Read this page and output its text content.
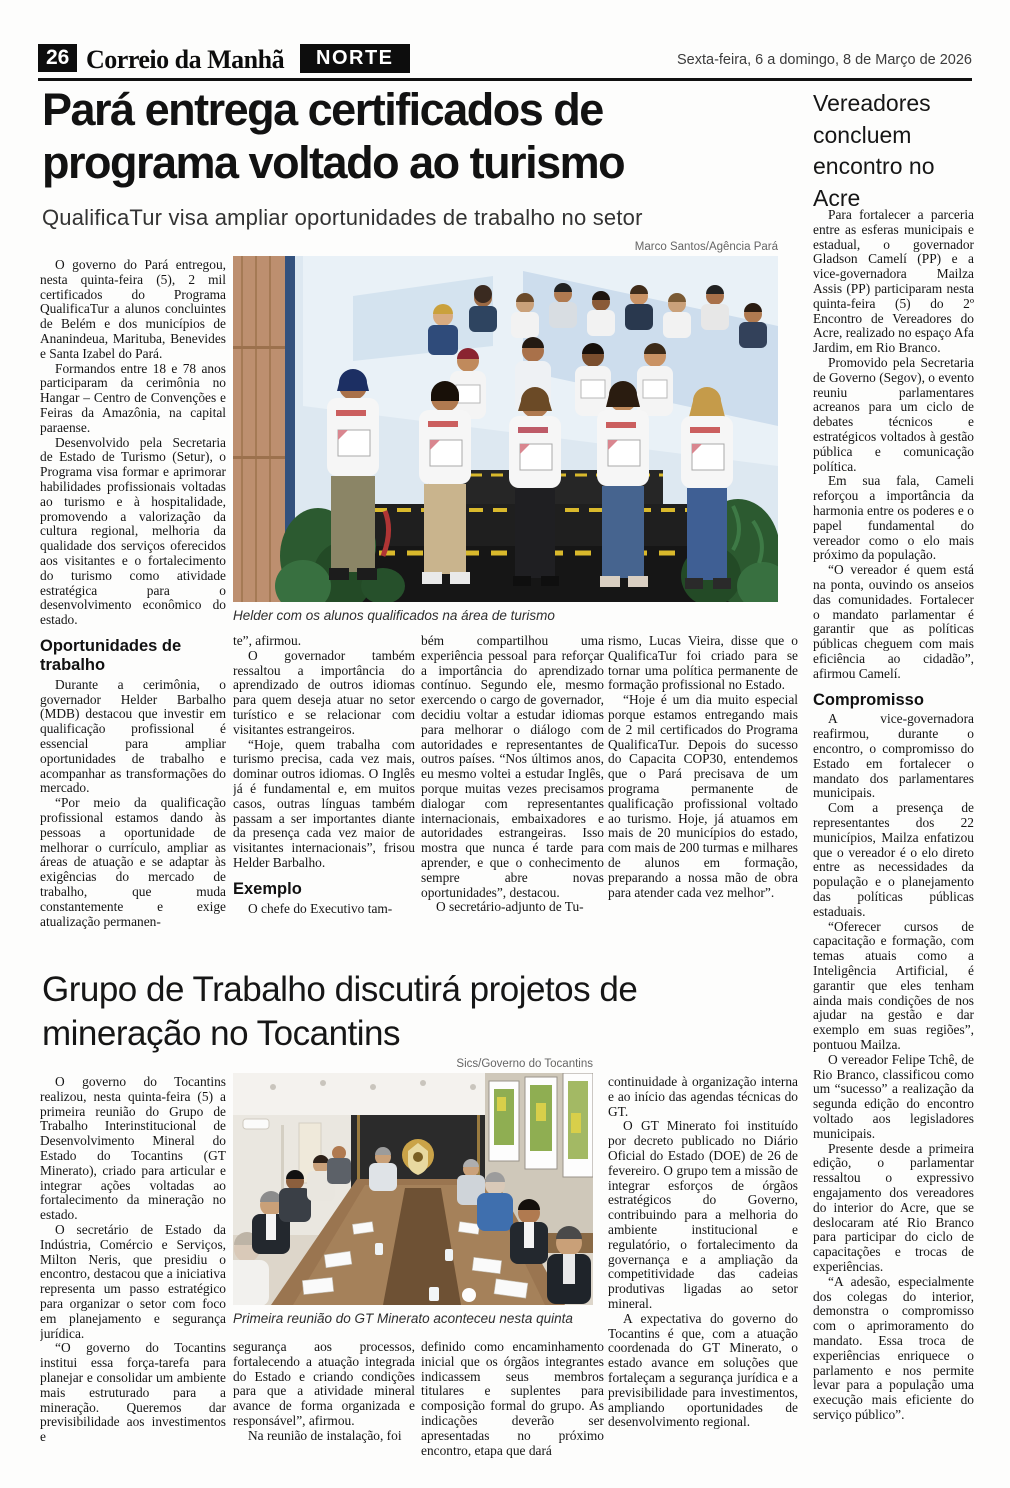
26 Correio da Manhã	NORTE	Sexta-feira, 6 a domingo, 8 de Março de 2026
Pará entrega certificados de programa voltado ao turismo
QualificaTur visa ampliar oportunidades de trabalho no setor
Marco Santos/Agência Pará
Helder com os alunos qualificados na área de turismo

O governo do Pará entregou, nesta quinta-feira (5), 2 mil certificados do Programa QualificaTur a alunos concluintes de Belém e dos municípios de Ananindeua, Marituba, Benevides e Santa Izabel do Pará.

Formandos entre 18 e 78 anos participaram da cerimônia no Hangar – Centro de Convenções e Feiras da Amazônia, na capital paraense.

Desenvolvido pela Secretaria de Estado de Turismo (Setur), o Programa visa formar e aprimorar habilidades profissionais voltadas ao turismo e à hospitalidade, promovendo a valorização da cultura regional, melhoria da qualidade dos serviços oferecidos aos visitantes e o fortalecimento do turismo como atividade estratégica para o desenvolvimento econômico do estado.

Oportunidades de trabalho

Durante a cerimônia, o governador Helder Barbalho (MDB) destacou que investir em qualificação profissional é essencial para ampliar oportunidades de trabalho e acompanhar as transformações do mercado.

“Por meio da qualificação profissional estamos dando às pessoas a oportunidade de melhorar o currículo, ampliar as áreas de atuação e se adaptar às exigências do mercado de trabalho, que muda constantemente e exige atualização permanen-

te”, afirmou.

O governador também ressaltou a importância do aprendizado de outros idiomas para quem deseja atuar no setor turístico e se relacionar com visitantes estrangeiros.

“Hoje, quem trabalha com turismo precisa, cada vez mais, dominar outros idiomas. O Inglês já é fundamental e, em muitos casos, outras línguas também passam a ser importantes diante da presença cada vez maior de visitantes internacionais”, frisou Helder Barbalho.

Exemplo

O chefe do Executivo tam-

bém compartilhou uma experiência pessoal para reforçar a importância do aprendizado contínuo. Segundo ele, mesmo exercendo o cargo de governador, decidiu voltar a estudar idiomas para melhorar o diálogo com autoridades e representantes de outros países. “Nos últimos anos, eu mesmo voltei a estudar Inglês, porque muitas vezes precisamos dialogar com representantes internacionais, embaixadores e autoridades estrangeiras. Isso mostra que nunca é tarde para aprender, e que o conhecimento sempre abre novas oportunidades”, destacou.

O secretário-adjunto de Tu-

rismo, Lucas Vieira, disse que o QualificaTur foi criado para se tornar uma política permanente de formação profissional no Estado.

“Hoje é um dia muito especial porque estamos entregando mais de 2 mil certificados do Programa QualificaTur. Depois do sucesso do Capacita COP30, entendemos que o Pará precisava de um programa permanente de qualificação profissional voltado ao turismo. Hoje, já atuamos em mais de 20 municípios do estado, com mais de 200 turmas e milhares de alunos em formação, preparando a nossa mão de obra para atender cada vez melhor”.

Grupo de Trabalho discutirá projetos de mineração no Tocantins
Sics/Governo do Tocantins
Primeira reunião do GT Minerato aconteceu nesta quinta

O governo do Tocantins realizou, nesta quinta-feira (5) a primeira reunião do Grupo de Trabalho Interinstitucional de Desenvolvimento Mineral do Estado do Tocantins (GT Minerato), criado para articular e integrar ações voltadas ao fortalecimento da mineração no estado.

O secretário de Estado da Indústria, Comércio e Serviços, Milton Neris, que presidiu o encontro, destacou que a iniciativa representa um passo estratégico para organizar o setor com foco em planejamento e segurança jurídica.

“O governo do Tocantins institui essa força-tarefa para planejar e consolidar um ambiente mais estruturado para a mineração. Queremos dar previsibilidade aos investimentos e

segurança aos processos, fortalecendo a atuação integrada do Estado e criando condições para que a atividade mineral avance de forma organizada e responsável”, afirmou.

Na reunião de instalação, foi

definido como encaminhamento inicial que os órgãos integrantes indicassem seus membros titulares e suplentes para composição formal do grupo. As indicações deverão ser apresentadas no próximo encontro, etapa que dará

continuidade à organização interna e ao início das agendas técnicas do GT.

O GT Minerato foi instituído por decreto publicado no Diário Oficial do Estado (DOE) de 26 de fevereiro. O grupo tem a missão de integrar esforços de órgãos estratégicos do Governo, contribuindo para a melhoria do ambiente institucional e regulatório, o fortalecimento da governança e a ampliação da competitividade das cadeias produtivas ligadas ao setor mineral.

A expectativa do governo do Tocantins é que, com a atuação coordenada do GT Minerato, o estado avance em soluções que fortaleçam a segurança jurídica e a previsibilidade para investimentos, ampliando oportunidades de desenvolvimento regional.

Vereadores concluem encontro no Acre

Para fortalecer a parceria entre as esferas municipais e estadual, o governador Gladson Camelí (PP) e a vice-governadora Mailza Assis (PP) participaram nesta quinta-feira (5) do 2º Encontro de Vereadores do Acre, realizado no espaço Afa Jardim, em Rio Branco.

Promovido pela Secretaria de Governo (Segov), o evento reuniu parlamentares acreanos para um ciclo de debates técnicos e estratégicos voltados à gestão pública e comunicação política.

Em sua fala, Cameli reforçou a importância da harmonia entre os poderes e o papel fundamental do vereador como o elo mais próximo da população.

“O vereador é quem está na ponta, ouvindo os anseios das comunidades. Fortalecer o mandato parlamentar é garantir que as políticas públicas cheguem com mais eficiência ao cidadão”, afirmou Camelí.

Compromisso

A vice-governadora reafirmou, durante o encontro, o compromisso do Estado em fortalecer o mandato dos parlamentares municipais.

Com a presença de representantes dos 22 municípios, Mailza enfatizou que o vereador é o elo direto entre as necessidades da população e o planejamento das políticas públicas estaduais.

“Oferecer cursos de capacitação e formação, com temas atuais como a Inteligência Artificial, é garantir que eles tenham ainda mais condições de nos ajudar na gestão e dar exemplo em suas regiões”, pontuou Mailza.

O vereador Felipe Tchê, de Rio Branco, classificou como um “sucesso” a realização da segunda edição do encontro voltado aos legisladores municipais.

Presente desde a primeira edição, o parlamentar ressaltou o expressivo engajamento dos vereadores do interior do Acre, que se deslocaram até Rio Branco para participar do ciclo de capacitações e trocas de experiências.

“A adesão, especialmente dos colegas do interior, demonstra o compromisso com o aprimoramento do mandato. Essa troca de experiências enriquece o parlamento e nos permite levar para a população uma execução mais eficiente do serviço público”.
